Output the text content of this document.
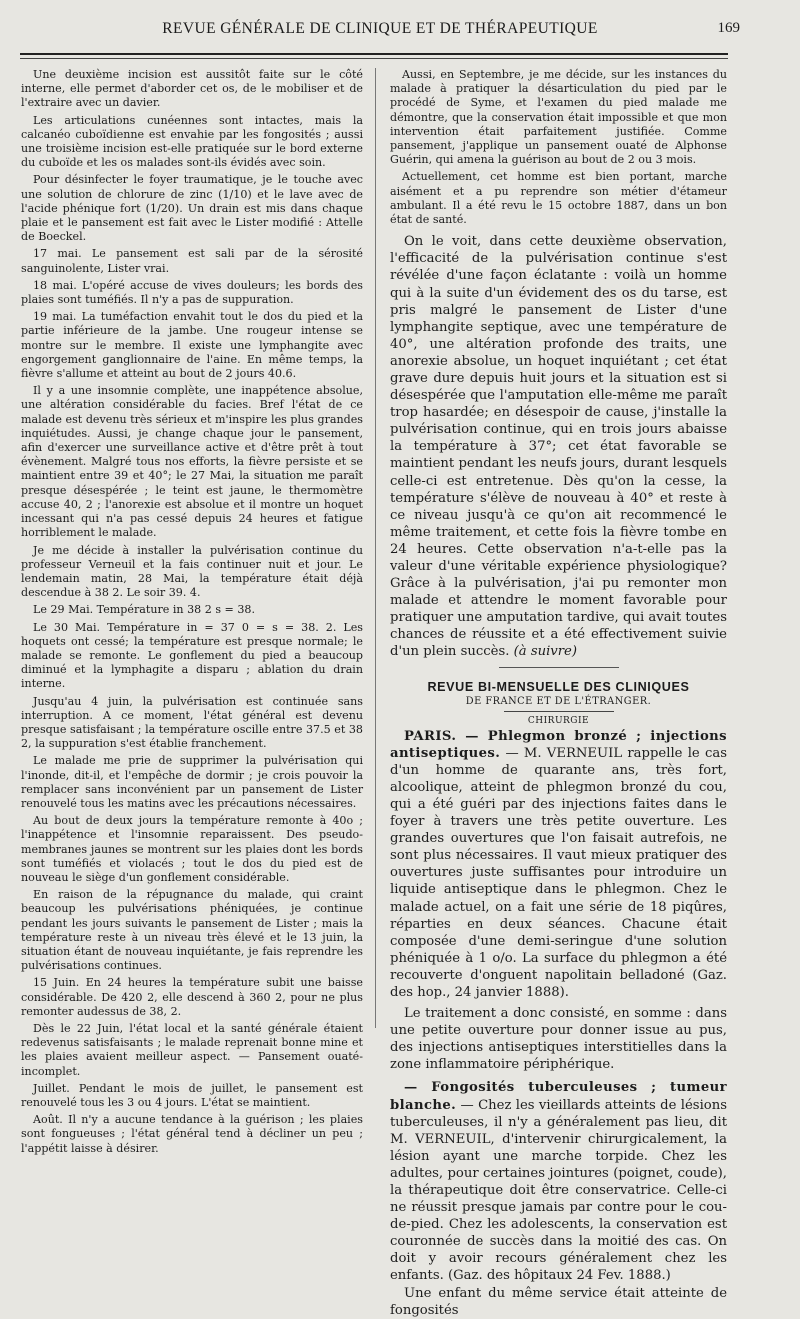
REVUE GÉNÉRALE DE CLINIQUE ET DE THÉRAPEUTIQUE	169

Une deuxième incision est aussitôt faite sur le côté interne, elle permet d'aborder cet os, de le mobiliser et de l'extraire avec un davier.

Les articulations cunéennes sont intactes, mais la calcanéo cuboïdienne est envahie par les fongosités ; aussi une troisième incision est-elle pratiquée sur le bord externe du cuboïde et les os malades sont-ils évidés avec soin.

Pour désinfecter le foyer traumatique, je le touche avec une solution de chlorure de zinc (1/10) et le lave avec de l'acide phénique fort (1/20). Un drain est mis dans chaque plaie et le pansement est fait avec le Lister modifié : Attelle de Boeckel.

17 mai. Le pansement est sali par de la sérosité sanguinolente, Lister vrai.

18 mai. L'opéré accuse de vives douleurs; les bords des plaies sont tuméfiés. Il n'y a pas de suppuration.

19 mai. La tuméfaction envahit tout le dos du pied et la partie inférieure de la jambe. Une rougeur intense se montre sur le membre. Il existe une lymphangite avec engorgement ganglionnaire de l'aine. En même temps, la fièvre s'allume et atteint au bout de 2 jours 40.6.

Il y a une insomnie complète, une inappétence absolue, une altération considérable du facies. Bref l'état de ce malade est devenu très sérieux et m'inspire les plus grandes inquiétudes. Aussi, je change chaque jour le pansement, afin d'exercer une surveillance active et d'être prêt à tout évènement. Malgré tous nos efforts, la fièvre persiste et se maintient entre 39 et 40°; le 27 Mai, la situation me paraît presque désespérée ; le teint est jaune, le thermomètre accuse 40, 2 ; l'anorexie est absolue et il montre un hoquet incessant qui n'a pas cessé depuis 24 heures et fatigue horriblement le malade.

Je me décide à installer la pulvérisation continue du professeur Verneuil et la fais continuer nuit et jour. Le lendemain matin, 28 Mai, la température était déjà descendue à 38 2. Le soir 39. 4.

Le 29 Mai. Température in 38 2 s = 38.

Le 30 Mai. Température in = 37 0 = s = 38. 2. Les hoquets ont cessé; la température est presque normale; le malade se remonte. Le gonflement du pied a beaucoup diminué et la lymphagite a disparu ; ablation du drain interne.

Jusqu'au 4 juin, la pulvérisation est continuée sans interruption. A ce moment, l'état général est devenu presque satisfaisant ; la température oscille entre 37.5 et 38 2, la suppuration s'est établie franchement.

Le malade me prie de supprimer la pulvérisation qui l'inonde, dit-il, et l'empêche de dormir ; je crois pouvoir la remplacer sans inconvénient par un pansement de Lister renouvelé tous les matins avec les précautions nécessaires.

Au bout de deux jours la température remonte à 40o ; l'inappétence et l'insomnie reparaissent. Des pseudo-membranes jaunes se montrent sur les plaies dont les bords sont tuméfiés et violacés ; tout le dos du pied est de nouveau le siège d'un gonflement considérable.

En raison de la répugnance du malade, qui craint beaucoup les pulvérisations phéniquées, je continue pendant les jours suivants le pansement de Lister ; mais la température reste à un niveau très élevé et le 13 juin, la situation étant de nouveau inquiétante, je fais reprendre les pulvérisations continues.

15 Juin. En 24 heures la température subit une baisse considérable. De 420 2, elle descend à 360 2, pour ne plus remonter audessus de 38, 2.

Dès le 22 Juin, l'état local et la santé générale étaient redevenus satisfaisants ; le malade reprenait bonne mine et les plaies avaient meilleur aspect. — Pansement ouaté-incomplet.

Juillet. Pendant le mois de juillet, le pansement est renouvelé tous les 3 ou 4 jours. L'état se maintient.

Août. Il n'y a aucune tendance à la guérison ; les plaies sont fongueuses ; l'état général tend à décliner un peu ; l'appétit laisse à désirer.

Aussi, en Septembre, je me décide, sur les instances du malade à pratiquer la désarticulation du pied par le procédé de Syme, et l'examen du pied malade me démontre, que la conservation était impossible et que mon intervention était parfaitement justifiée. Comme pansement, j'applique un pansement ouaté de Alphonse Guérin, qui amena la guérison au bout de 2 ou 3 mois.

Actuellement, cet homme est bien portant, marche aisément et a pu reprendre son métier d'étameur ambulant. Il a été revu le 15 octobre 1887, dans un bon état de santé.

On le voit, dans cette deuxième observation, l'efficacité de la pulvérisation continue s'est révélée d'une façon éclatante : voilà un homme qui à la suite d'un évidement des os du tarse, est pris malgré le pansement de Lister d'une lymphangite septique, avec une température de 40°, une altération profonde des traits, une anorexie absolue, un hoquet inquiétant ; cet état grave dure depuis huit jours et la situation est si désespérée que l'amputation elle-même me paraît trop hasardée; en désespoir de cause, j'installe la pulvérisation continue, qui en trois jours abaisse la température à 37°; cet état favorable se maintient pendant les neufs jours, durant lesquels celle-ci est entretenue. Dès qu'on la cesse, la température s'élève de nouveau à 40° et reste à ce niveau jusqu'à ce qu'on ait recommencé le même traitement, et cette fois la fièvre tombe en 24 heures. Cette observation n'a-t-elle pas la valeur d'une véritable expérience physiologique? Grâce à la pulvérisation, j'ai pu remonter mon malade et attendre le moment favorable pour pratiquer une amputation tardive, qui avait toutes chances de réussite et a été effectivement suivie d'un plein succès. (à suivre)

REVUE BI-MENSUELLE DES CLINIQUES
DE FRANCE ET DE L'ÉTRANGER.
CHIRURGIE

PARIS. — Phlegmon bronzé ; injections antiseptiques. — M. VERNEUIL rappelle le cas d'un homme de quarante ans, très fort, alcoolique, atteint de phlegmon bronzé du cou, qui a été guéri par des injections faites dans le foyer à travers une très petite ouverture. Les grandes ouvertures que l'on faisait autrefois, ne sont plus nécessaires. Il vaut mieux pratiquer des ouvertures juste suffisantes pour introduire un liquide antiseptique dans le phlegmon. Chez le malade actuel, on a fait une série de 18 piqûres, réparties en deux séances. Chacune était composée d'une demi-seringue d'une solution phéniquée à 1 o/o. La surface du phlegmon a été recouverte d'onguent napolitain belladoné (Gaz. des hop., 24 janvier 1888).

Le traitement a donc consisté, en somme : dans une petite ouverture pour donner issue au pus, des injections antiseptiques interstitielles dans la zone inflammatoire périphérique.

— Fongosités tuberculeuses ; tumeur blanche. — Chez les vieillards atteints de lésions tuberculeuses, il n'y a généralement pas lieu, dit M. VERNEUIL, d'intervenir chirurgicalement, la lésion ayant une marche torpide. Chez les adultes, pour certaines jointures (poignet, coude), la thérapeutique doit être conservatrice. Celle-ci ne réussit presque jamais par contre pour le cou-de-pied. Chez les adolescents, la conservation est couronnée de succès dans la moitié des cas. On doit y avoir recours généralement chez les enfants. (Gaz. des hôpitaux 24 Fev. 1888.)

Une enfant du même service était atteinte de fongosités
